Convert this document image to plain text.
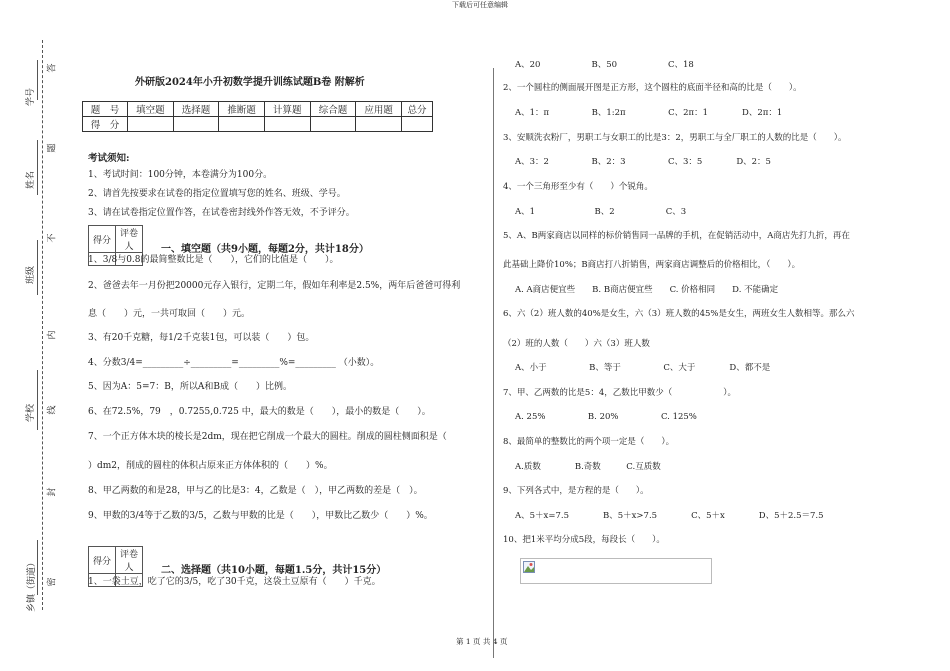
下载后可任意编辑
第 1 页 共 4 页
学号
姓名
班级
学校
乡镇（街道）
答
题
不
内
线
封
密
外研版2024年小升初数学提升训练试题B卷 附解析
题　号	填空题	选择题	推断题	计算题	综合题	应用题	总分
得　分							
考试须知:
1、考试时间：100分钟，本卷满分为100分。
2、请首先按要求在试卷的指定位置填写您的姓名、班级、学号。
3、请在试卷指定位置作答，在试卷密封线外作答无效，不予评分。
得分	评卷人
		一、填空题（共9小题，每题2分，共计18分）
1、3/8与0.8的最简整数比是（　　），它们的比值是（　　）。
2、爸爸去年一月份把20000元存入银行，定期二年，假如年利率是2.5%，两年后爸爸可得利
息（　　）元，一共可取回（　　）元。
3、有20千克糖，每1/2千克装1包，可以装（　　）包。
4、分数3/4=_________÷_________=_________%=_________ （小数）。
5、因为A：5=7：B，所以A和B成（　　）比例。
6、在72.5%，79　，0.7255,0.725 中，最大的数是（　　），最小的数是（　　）。
7、一个正方体木块的棱长是2dm，现在把它削成一个最大的圆柱。削成的圆柱侧面积是（
）dm2，削成的圆柱的体积占原来正方体体积的（　　）%。
8、甲乙两数的和是28，甲与乙的比是3：4，乙数是（　），甲乙两数的差是（　）。
9、甲数的3/4等于乙数的3/5，乙数与甲数的比是（　　），甲数比乙数少（　　）%。
得分	评卷人
		二、选择题（共10小题，每题1.5分，共计15分）
1、一袋土豆，吃了它的3/5，吃了30千克，这袋土豆原有（　　）千克。
A、20　　　　　　B、50　　　　　　C、18
2、一个圆柱的侧面展开图是正方形，这个圆柱的底面半径和高的比是（　　）。
A、1：π　　　　　B、1:2π　　　　　C、2π：1　　　　D、2π：1
3、安顺洗衣粉厂，男职工与女职工的比是3：2，男职工与全厂职工的人数的比是（　　）。
A、3：2　　　　　B、2：3　　　　　C、3：5　　　　D、2：5
4、一个三角形至少有（　　）个锐角。
A、1　　　　　　　B、2　　　　　　C、3
5、A、B两家商店以同样的标价销售同一品牌的手机，在促销活动中，A商店先打九折，再在
此基础上降价10%；B商店打八折销售，两家商店调整后的价格相比，（　　）。
A. A商店便宜些　　B. B商店便宜些　　C. 价格相同　　D. 不能确定
6、六（2）班人数的40%是女生，六（3）班人数的45%是女生，两班女生人数相等。那么六
（2）班的人数（　　）六（3）班人数
A、小于　　　　　B、等于　　　　　C、大于　　　　D、都不是
7、甲、乙两数的比是5：4，乙数比甲数少（　　　　　　）。
A. 25%　　　　　B. 20%　　　　　C. 125%
8、最简单的整数比的两个项一定是（　　）。
A.质数　　　　B.奇数　　　C.互质数
9、下列各式中，是方程的是（　　）。
A、5＋x=7.5　　　　B、5＋x>7.5　　　　C、5＋x　　　　D、5＋2.5＝7.5
10、把1米平均分成5段，每段长（　　）。
